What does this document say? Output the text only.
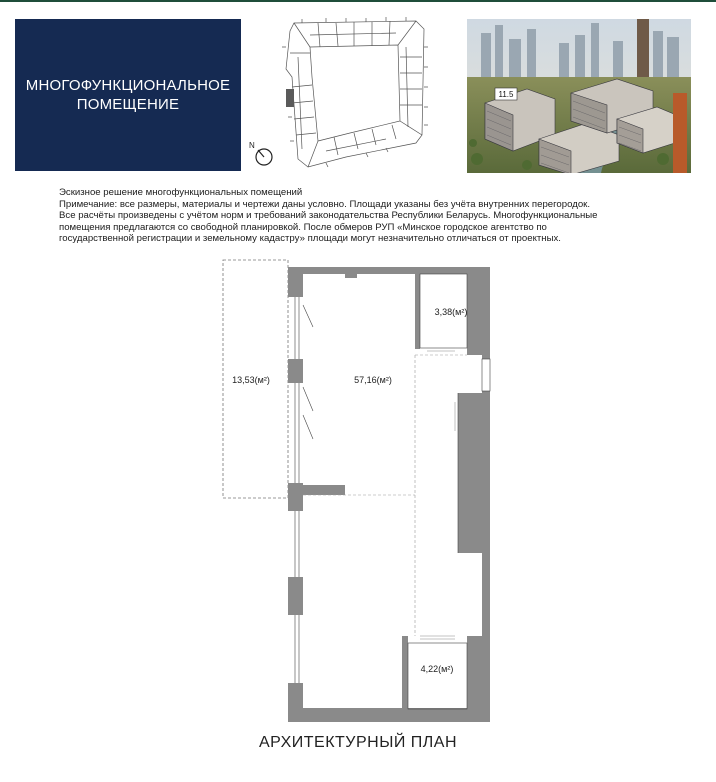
МНОГОФУНКЦИОНАЛЬНОЕ
ПОМЕЩЕНИЕ
N
11.5

Эскизное решение многофункциональных помещений

Примечание: все размеры, материалы и чертежи даны условно. Площади указаны без учёта внутренних перегородок.

Все расчёты произведены с учётом норм и требований законодательства Республики Беларусь. Многофункциональные

помещения предлагаются со свободной планировкой. После обмеров РУП «Минское городское агентство по

государственной регистрации и земельному кадастру» площади могут незначительно отличаться от проектных.

13,53(м²)	57,16(м²)
3,38(м²)
4,22(м²)
АРХИТЕКТУРНЫЙ ПЛАН
